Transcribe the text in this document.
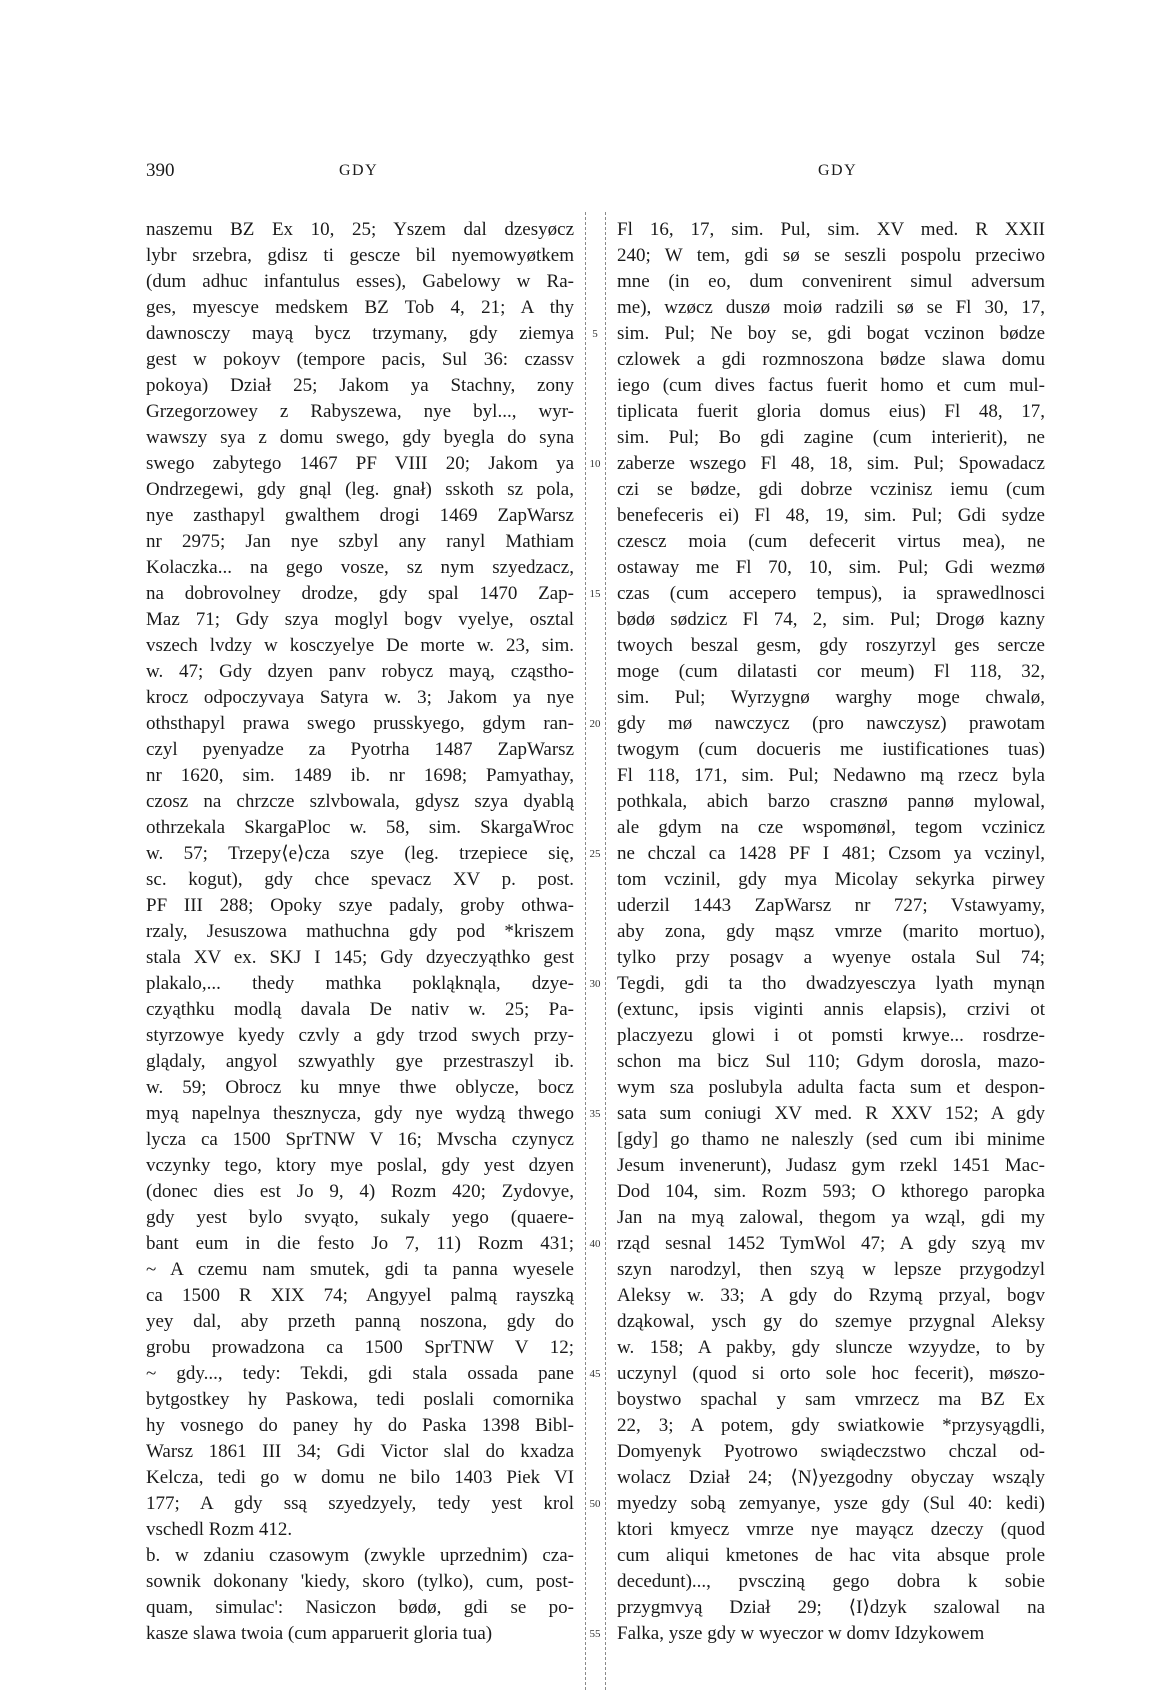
390	GDY	GDY
naszemu BZ Ex 10, 25; Yszem dal dzesyøcz
lybr srzebra, gdisz ti gescze bil nyemowyøtkem
(dum adhuc infantulus esses), Gabelowy w Ra-
ges, myescye medskem BZ Tob 4, 21; A thy
dawnosczy mayą bycz trzymany, gdy ziemya
gest w pokoyv (tempore pacis, Sul 36: czassv
pokoya) Dział 25; Jakom ya Stachny, zony
Grzegorzowey z Rabyszewa, nye byl..., wyr-
wawszy sya z domu swego, gdy byegla do syna
swego zabytego 1467 PF VIII 20; Jakom ya
Ondrzegewi, gdy gnąl (leg. gnał) sskoth sz pola,
nye zasthapyl gwalthem drogi 1469 ZapWarsz
nr 2975; Jan nye szbyl any ranyl Mathiam
Kolaczka... na gego vosze, sz nym szyedzacz,
na dobrovolney drodze, gdy spal 1470 Zap-
Maz 71; Gdy szya moglyl bogv vyelye, osztal
vszech lvdzy w kosczyelye De morte w. 23, sim.
w. 47; Gdy dzyen panv robycz mayą, cząstho-
krocz odpoczyvaya Satyra w. 3; Jakom ya nye
othsthapyl prawa swego prusskyego, gdym ran-
czyl pyenyadze za Pyotrha 1487 ZapWarsz
nr 1620, sim. 1489 ib. nr 1698; Pamyathay,
czosz na chrzcze szlvbowala, gdysz szya dyablą
othrzekala SkargaPloc w. 58, sim. SkargaWroc
w. 57; Trzepy⟨e⟩cza szye (leg. trzepiece się,
sc. kogut), gdy chce spevacz XV p. post.
PF III 288; Opoky szye padaly, groby othwa-
rzaly, Jesuszowa mathuchna gdy pod *kriszem
stala XV ex. SKJ I 145; Gdy dzyeczyąthko gest
plakalo,... thedy mathka pokląknąla, dzye-
czyąthku modlą davala De nativ w. 25; Pa-
styrzowye kyedy czvly a gdy trzod swych przy-
glądaly, angyol szwyathly gye przestraszyl ib.
w. 59; Obrocz ku mnye thwe oblycze, bocz
myą napelnya thesznycza, gdy nye wydzą thwego
lycza ca 1500 SprTNW V 16; Mvscha czynycz
vczynky tego, ktory mye poslal, gdy yest dzyen
(donec dies est Jo 9, 4) Rozm 420; Zydovye,
gdy yest bylo svyąto, sukaly yego (quaere-
bant eum in die festo Jo 7, 11) Rozm 431;
~ A czemu nam smutek, gdi ta panna wyesele
ca 1500 R XIX 74; Angyyel palmą rayszką
yey dal, aby przeth panną noszona, gdy do
grobu prowadzona ca 1500 SprTNW V 12;
~ gdy..., tedy: Tekdi, gdi stala ossada pane
bytgostkey hy Paskowa, tedi poslali comornika
hy vosnego do paney hy do Paska 1398 Bibl-
Warsz 1861 III 34; Gdi Victor slal do kxadza
Kelcza, tedi go w domu ne bilo 1403 Piek VI
177; A gdy ssą szyedzyely, tedy yest krol
vschedl Rozm 412.
b. w zdaniu czasowym (zwykle uprzednim) cza-
sownik dokonany 'kiedy, skoro (tylko), cum, post-
quam, simulac': Nasiczon bødø, gdi se po-
kasze slawa twoia (cum apparuerit gloria tua)
5
10
15
20
25
30
35
40
45
50
55
Fl 16, 17, sim. Pul, sim. XV med. R XXII
240; W tem, gdi sø se seszli pospolu przeciwo
mne (in eo, dum convenirent simul adversum
me), wzøcz duszø moiø radzili sø se Fl 30, 17,
sim. Pul; Ne boy se, gdi bogat vczinon bødze
czlowek a gdi rozmnoszona bødze slawa domu
iego (cum dives factus fuerit homo et cum mul-
tiplicata fuerit gloria domus eius) Fl 48, 17,
sim. Pul; Bo gdi zagine (cum interierit), ne
zaberze wszego Fl 48, 18, sim. Pul; Spowadacz
czi se bødze, gdi dobrze vczinisz iemu (cum
benefeceris ei) Fl 48, 19, sim. Pul; Gdi sydze
czescz moia (cum defecerit virtus mea), ne
ostaway me Fl 70, 10, sim. Pul; Gdi wezmø
czas (cum accepero tempus), ia sprawedlnosci
bødø sødzicz Fl 74, 2, sim. Pul; Drogø kazny
twoych beszal gesm, gdy roszyrzyl ges sercze
moge (cum dilatasti cor meum) Fl 118, 32,
sim. Pul; Wyrzygnø warghy moge chwalø,
gdy mø nawczycz (pro nawczysz) prawotam
twogym (cum docueris me iustificationes tuas)
Fl 118, 171, sim. Pul; Nedawno mą rzecz byla
pothkala, abich barzo crasznø pannø mylowal,
ale gdym na cze wspomønøl, tegom vczinicz
ne chczal ca 1428 PF I 481; Czsom ya vczinyl,
tom vczinil, gdy mya Micolay sekyrka pirwey
uderzil 1443 ZapWarsz nr 727; Vstawyamy,
aby zona, gdy mąsz vmrze (marito mortuo),
tylko przy posagv a wyenye ostala Sul 74;
Tegdi, gdi ta tho dwadzyesczya lyath mynąn
(extunc, ipsis viginti annis elapsis), crzivi ot
placzyezu glowi i ot pomsti krwye... rosdrze-
schon ma bicz Sul 110; Gdym dorosla, mazo-
wym sza poslubyla adulta facta sum et despon-
sata sum coniugi XV med. R XXV 152; A gdy
[gdy] go thamo ne naleszly (sed cum ibi minime
Jesum invenerunt), Judasz gym rzekl 1451 Mac-
Dod 104, sim. Rozm 593; O kthorego paropka
Jan na myą zalowal, thegom ya wząl, gdi my
rząd sesnal 1452 TymWol 47; A gdy szyą mv
szyn narodzyl, then szyą w lepsze przygodzyl
Aleksy w. 33; A gdy do Rzymą przyal, bogv
dząkowal, ysch gy do szemye przygnal Aleksy
w. 158; A pakby, gdy sluncze wzyydze, to by
uczynyl (quod si orto sole hoc fecerit), møszo-
boystwo spachal y sam vmrzecz ma BZ Ex
22, 3; A potem, gdy swiatkowie *przysyągdli,
Domyenyk Pyotrowo swiądeczstwo chczal od-
wolacz Dział 24; ⟨N⟩yezgodny obyczay wsząly
myedzy sobą zemyanye, ysze gdy (Sul 40: kedi)
ktori kmyecz vmrze nye mayącz dzeczy (quod
cum aliqui kmetones de hac vita absque prole
decedunt)..., pvscziną gego dobra k sobie
przygmvyą Dział 29; ⟨I⟩dzyk szalowal na
Falka, ysze gdy w wyeczor w domv Idzykowem
